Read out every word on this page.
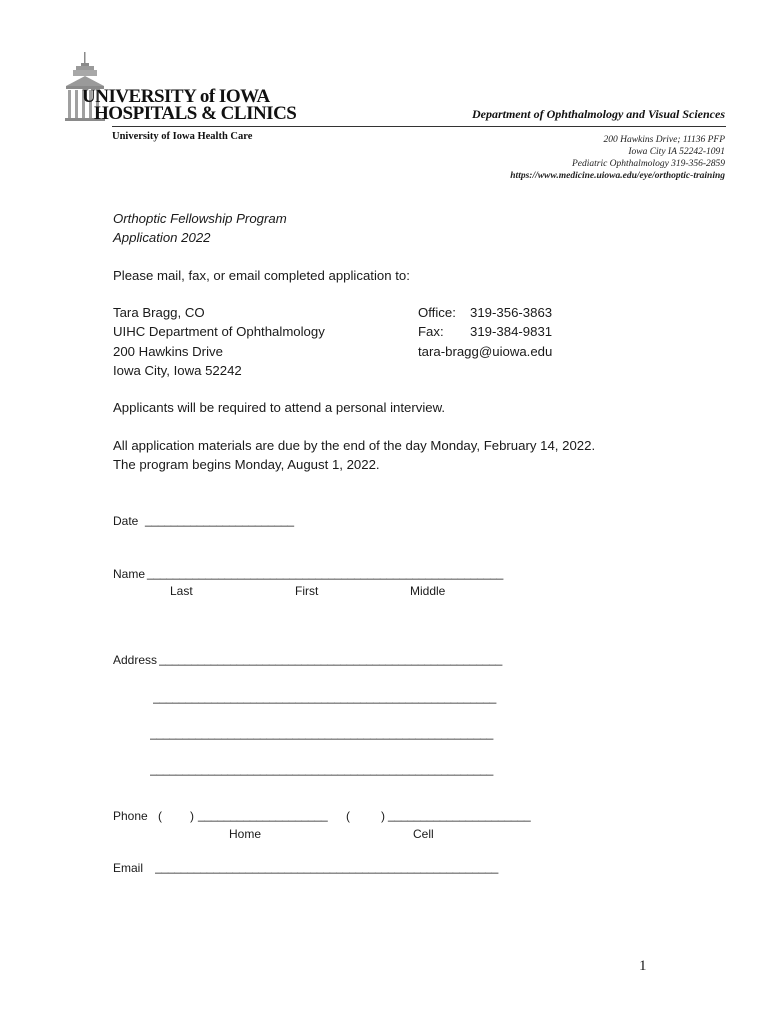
UNIVERSITY of IOWA
HOSPITALS & CLINICS
University of Iowa Health Care
Department of Ophthalmology and Visual Sciences
200 Hawkins Drive; 11136 PFP
Iowa City IA 52242-1091
Pediatric Ophthalmology 319-356-2859
https://www.medicine.uiowa.edu/eye/orthoptic-training
Orthoptic Fellowship Program
Application 2022
Please mail, fax, or email completed application to:
Tara Bragg, CO
UIHC Department of Ophthalmology
200 Hawkins Drive
Iowa City, Iowa 52242
Office: 319-356-3863
Fax: 319-384-9831
tara-bragg@uiowa.edu
Applicants will be required to attend a personal interview.
All application materials are due by the end of the day Monday, February 14, 2022.
The program begins Monday, August 1, 2022.
Date _______________________
Name _______________________________________________________
Last	First	Middle
Address _____________________________________________________
_____________________________________________________
_____________________________________________________
_____________________________________________________
Phone ( ) ____________________ (	) ______________________
Home	Cell
Email _____________________________________________________
1
